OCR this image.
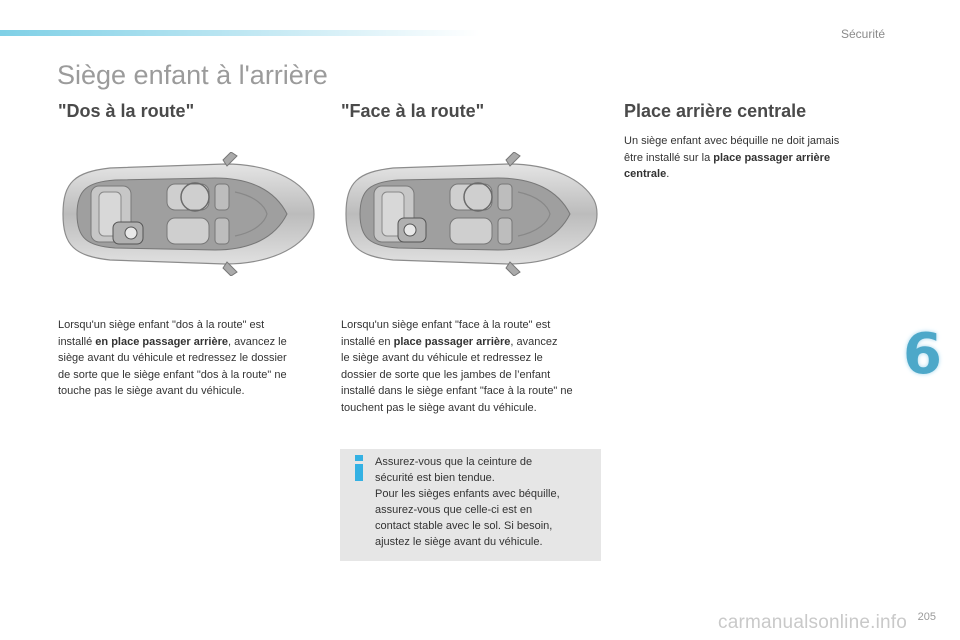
Sécurité
Siège enfant à l'arrière
"Dos à la route"	"Face à la route"	Place arrière centrale
Lorsqu'un siège enfant "dos à la route" est
installé en place passager arrière, avancez le
siège avant du véhicule et redressez le dossier
de sorte que le siège enfant "dos à la route" ne
touche pas le siège avant du véhicule.
Lorsqu'un siège enfant "face à la route" est
installé en place passager arrière, avancez
le siège avant du véhicule et redressez le
dossier de sorte que les jambes de l’enfant
installé dans le siège enfant "face à la route" ne
touchent pas le siège avant du véhicule.
Un siège enfant avec béquille ne doit jamais
être installé sur la place passager arrière
centrale.
Assurez-vous que la ceinture de
sécurité est bien tendue.
Pour les sièges enfants avec béquille,
assurez-vous que celle-ci est en
contact stable avec le sol. Si besoin,
ajustez le siège avant du véhicule.
6
205
carmanualsonline.info
